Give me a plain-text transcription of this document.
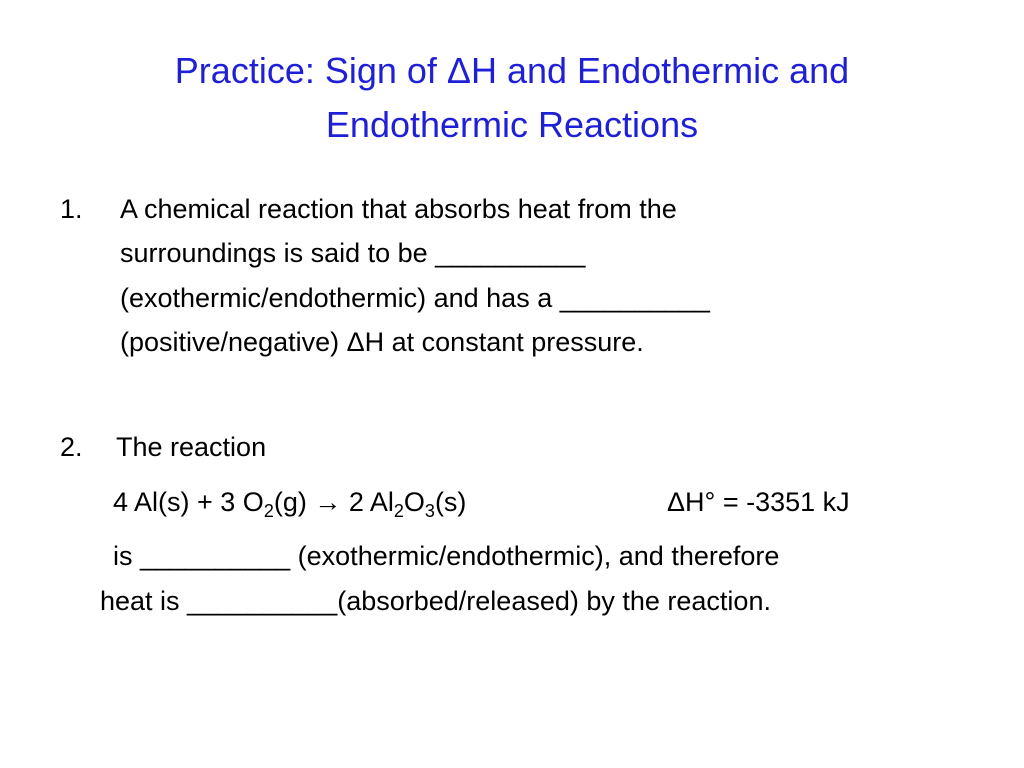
Practice: Sign of ΔH and Endothermic and
Endothermic Reactions
1. A chemical reaction that absorbs heat from the
surroundings is said to be __________
(exothermic/endothermic) and has a __________
(positive/negative) ΔH at constant pressure.
2. The reaction
4 Al(s) + 3 $O_2(g) \to 2$ $Al_2O_3(s)$	ΔH° = -3351 kJ
is __________ (exothermic/endothermic), and therefore
heat is __________(absorbed/released) by the reaction.
